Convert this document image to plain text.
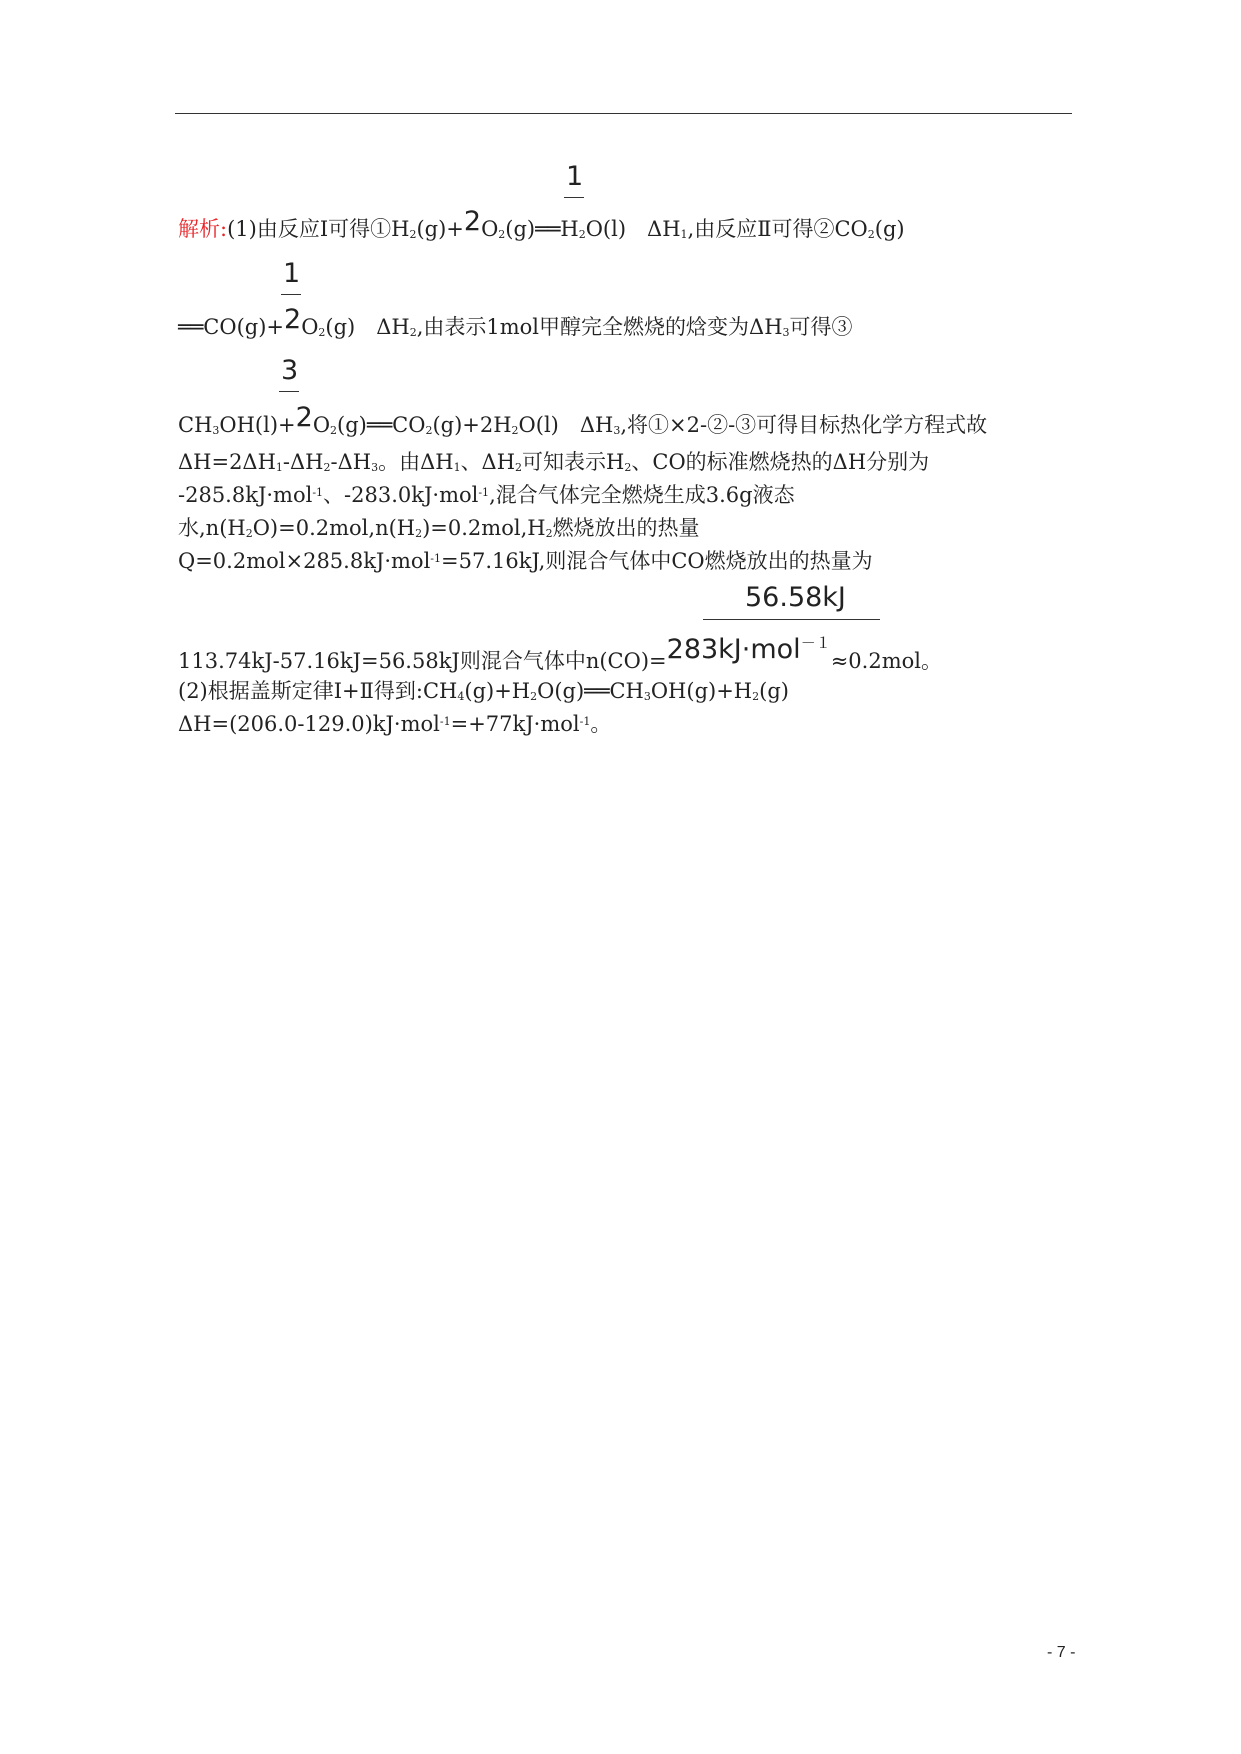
1
解析:(1)由反应Ⅰ可得$①H_2(g)+2O_2(g)══H_2O(l)$　$\Delta H_1$,由反应Ⅱ可得$②CO_2(g)$
1
$══CO(g)+2O_2(g)$　$\Delta H_2$,由表示1mol甲醇完全燃烧的焓变为$\Delta H_3$可得③
3
$CH_3OH(l)+2O_2(g)══CO_2(g)+2H_2O(l)$　$\Delta H_3$,将①×2-②-③可得目标热化学方程式故
$\Delta H=2\Delta H_1-\Delta H_2-\Delta H_3$。由$\Delta H_1$、$\Delta H_2$可知表示$H_2$、CO的标准燃烧热的ΔH分别为
-285.8kJ·mol$^{-1}$、-283.0kJ·mol$^{-1}$,混合气体完全燃烧生成3.6g液态
水$,n(H_2O)=0.2mol,n(H_2)=0.2mol,H_2$燃烧放出的热量
Q=0.2mol×285.8kJ·mol$^{-1}$=57.16kJ,则混合气体中CO燃烧放出的热量为
56.58kJ
113.74kJ-57.16kJ=56.58kJ则混合气体中n(CO)=283kJ·mol$^{-1}$≈0.2mol。
(2)根据盖斯定律Ⅰ+Ⅱ得到$:CH_4(g)+H_2O(g)══CH_3OH(g)+H_2(g)$
ΔH=(206.0-129.0)kJ·mol$^{-1}$=+77kJ·mol$^{-1}$。
- 7 -
